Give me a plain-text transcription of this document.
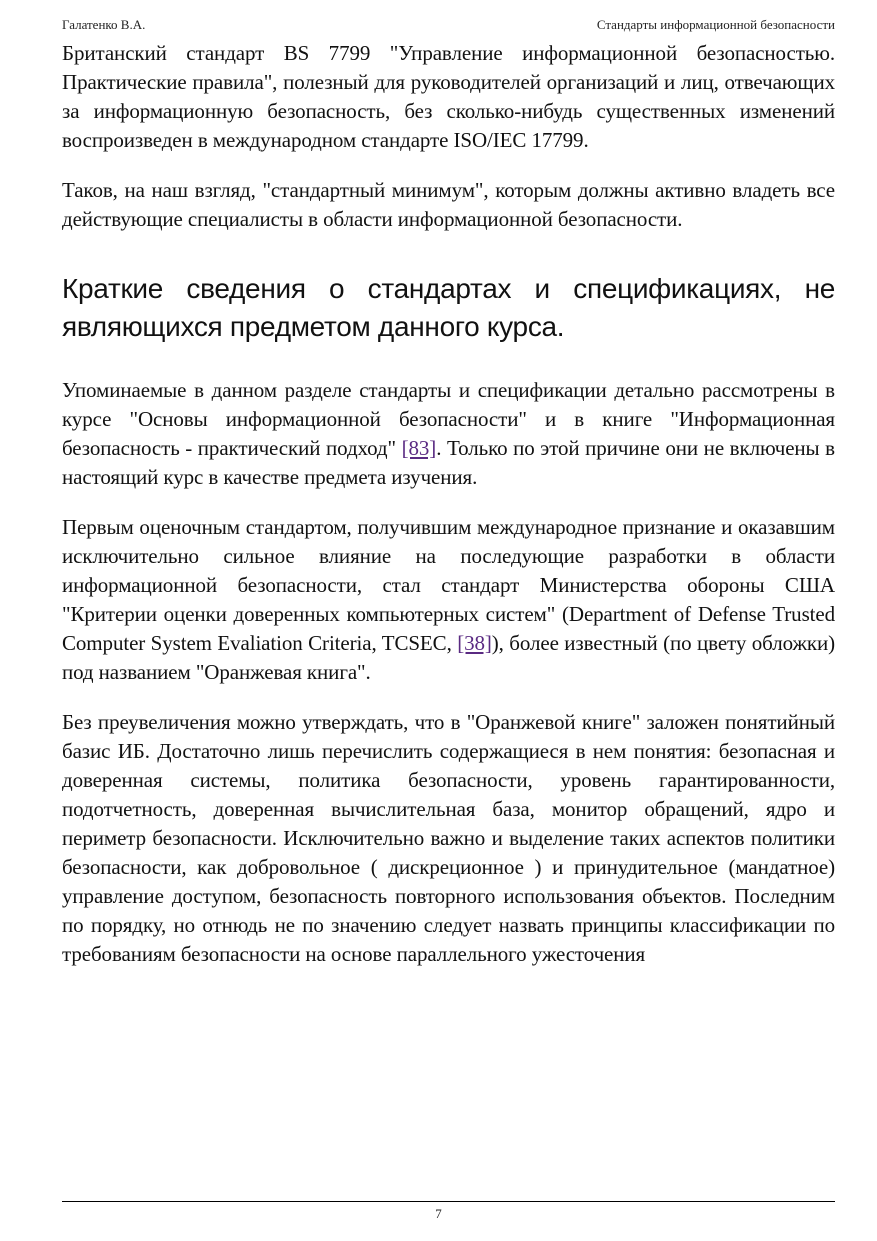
Галатенко В.А.	Стандарты информационной безопасности

Британский стандарт BS 7799 "Управление информационной безопасностью. Практические правила", полезный для руководителей организаций и лиц, отвечающих за информационную безопасность, без сколько-нибудь существенных изменений воспроизведен в международном стандарте ISO/IEC 17799.

Таков, на наш взгляд, "стандартный минимум", которым должны активно владеть все действующие специалисты в области информационной безопасности.

Краткие сведения о стандартах и спецификациях, не являющихся предметом данного курса.

Упоминаемые в данном разделе стандарты и спецификации детально рассмотрены в курсе "Основы информационной безопасности" и в книге "Информационная безопасность - практический подход" [83]. Только по этой причине они не включены в настоящий курс в качестве предмета изучения.

Первым оценочным стандартом, получившим международное признание и оказавшим исключительно сильное влияние на последующие разработки в области информационной безопасности, стал стандарт Министерства обороны США "Критерии оценки доверенных компьютерных систем" (Department of Defense Trusted Computer System Evaliation Criteria, TCSEC, [38]), более известный (по цвету обложки) под названием "Оранжевая книга".

Без преувеличения можно утверждать, что в "Оранжевой книге" заложен понятийный базис ИБ. Достаточно лишь перечислить содержащиеся в нем понятия: безопасная и доверенная системы, политика безопасности, уровень гарантированности, подотчетность, доверенная вычислительная база, монитор обращений, ядро и периметр безопасности. Исключительно важно и выделение таких аспектов политики безопасности, как добровольное ( дискреционное ) и принудительное (мандатное) управление доступом, безопасность повторного использования объектов. Последним по порядку, но отнюдь не по значению следует назвать принципы классификации по требованиям безопасности на основе параллельного ужесточения

7
